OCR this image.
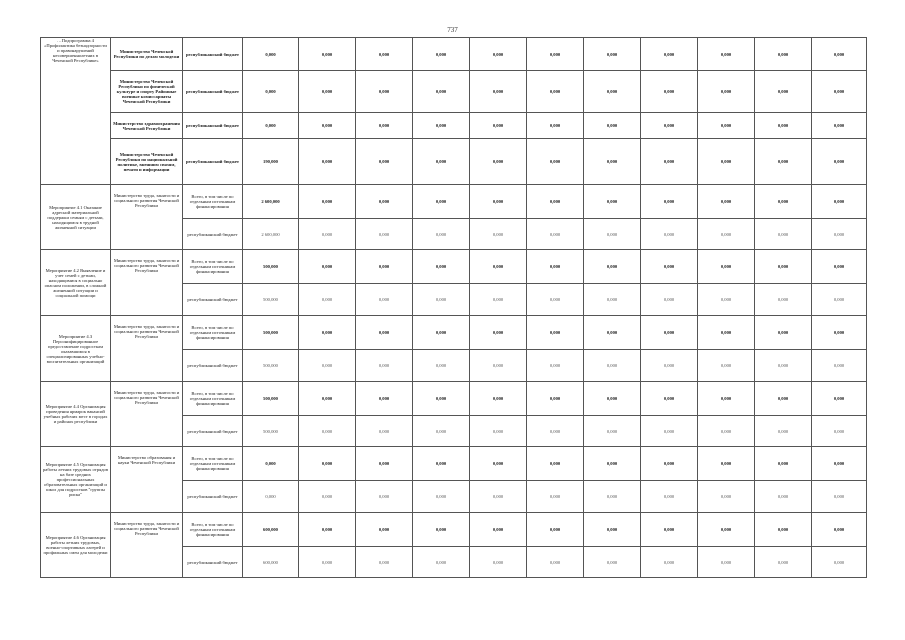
737
…Подпрограмма 4 «Профилактика безнадзорности и правонарушений несовершеннолетних в Чеченской Республике»	Министерство Чеченской Республики по делам молодежи	республиканский бюджет	0,000	0,000	0,000	0,000	0,000	0,000	0,000	0,000	0,000	0,000	0,000
	Министерство Чеченской Республики по физической культуре и спорту Районные военные комиссариаты Чеченской Республики	республиканский бюджет	0,000	0,000	0,000	0,000	0,000	0,000	0,000	0,000	0,000	0,000	0,000
	Министерство здравоохранения Чеченской Республики	республиканский бюджет	0,000	0,000	0,000	0,000	0,000	0,000	0,000	0,000	0,000	0,000	0,000
	Министерство Чеченской Республики по национальной политике, внешним связям, печати и информации	республиканский бюджет	190,000	0,000	0,000	0,000	0,000	0,000	0,000	0,000	0,000	0,000	0,000
Мероприятие 4.1 Оказание адресной материальной поддержки семьям с детьми, находящимся в трудной жизненной ситуации	Министерство труда, занятости и социального развития Чеченской Республики	Всего, в том числе по отдельным источникам финансирования	2 600,000	0,000	0,000	0,000	0,000	0,000	0,000	0,000	0,000	0,000	0,000
		республиканский бюджет	2 600,000	0,000	0,000	0,000	0,000	0,000	0,000	0,000	0,000	0,000	0,000
Мероприятие 4.2 Выявление и учет семей с детьми, находящимися в социально опасном положении, в сложной жизненной ситуации и социальной помощи	Министерство труда, занятости и социального развития Чеченской Республики	Всего, в том числе по отдельным источникам финансирования	500,000	0,000	0,000	0,000	0,000	0,000	0,000	0,000	0,000	0,000	0,000
		республиканский бюджет	500,000	0,000	0,000	0,000	0,000	0,000	0,000	0,000	0,000	0,000	0,000
Мероприятие 4.3 Персонифицированное предоставление подросткам оказавшимся в специализированных учебно-воспитательных организаций	Министерство труда, занятости и социального развития Чеченской Республики	Всего, в том числе по отдельным источникам финансирования	500,000	0,000	0,000	0,000	0,000	0,000	0,000	0,000	0,000	0,000	0,000
		республиканский бюджет	500,000	0,000	0,000	0,000	0,000	0,000	0,000	0,000	0,000	0,000	0,000
Мероприятие 4.4 Организация проведения ярмарок вакансий учебных рабочих мест в городах и районах республики	Министерство труда, занятости и социального развития Чеченской Республики	Всего, в том числе по отдельным источникам финансирования	500,000	0,000	0,000	0,000	0,000	0,000	0,000	0,000	0,000	0,000	0,000
		республиканский бюджет	500,000	0,000	0,000	0,000	0,000	0,000	0,000	0,000	0,000	0,000	0,000
Мероприятие 4.5 Организация работы летних трудовых отрядов на базе средних профессиональных образовательных организаций и школ для подростков "группы риска"	Министерство образования и науки Чеченской Республики	Всего, в том числе по отдельным источникам финансирования	0,000	0,000	0,000	0,000	0,000	0,000	0,000	0,000	0,000	0,000	0,000
		республиканский бюджет	0,000	0,000	0,000	0,000	0,000	0,000	0,000	0,000	0,000	0,000	0,000
Мероприятие 4.6 Организация работы летних трудовых, военно-спортивных лагерей и профильных смен для молодежи	Министерство труда, занятости и социального развития Чеченской Республики	Всего, в том числе по отдельным источникам финансирования	600,000	0,000	0,000	0,000	0,000	0,000	0,000	0,000	0,000	0,000	0,000
		республиканский бюджет	600,000	0,000	0,000	0,000	0,000	0,000	0,000	0,000	0,000	0,000	0,000
